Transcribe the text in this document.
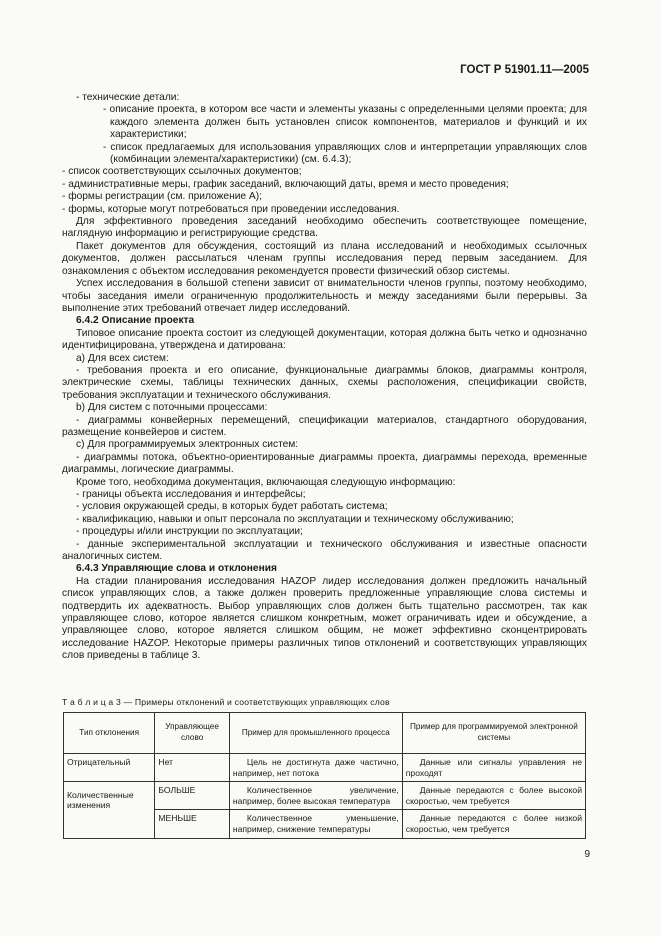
ГОСТ Р 51901.11—2005

- технические детали:

- описание проекта, в котором все части и элементы указаны с определенными целями проекта; для каждого элемента должен быть установлен список компонентов, материалов и функций и их характеристики;

- список предлагаемых для использования управляющих слов и интерпретации управляющих слов (комбинации элемента/характеристики) (см. 6.4.3);

- список соответствующих ссылочных документов;

- административные меры, график заседаний, включающий даты, время и место проведения;

- формы регистрации (см. приложение А);

- формы, которые могут потребоваться при проведении исследования.

Для эффективного проведения заседаний необходимо обеспечить соответствующее помещение, наглядную информацию и регистрирующие средства.

Пакет документов для обсуждения, состоящий из плана исследований и необходимых ссылочных документов, должен рассылаться членам группы исследования перед первым заседанием. Для ознакомления с объектом исследования рекомендуется провести физический обзор системы.

Успех исследования в большой степени зависит от внимательности членов группы, поэтому необходимо, чтобы заседания имели ограниченную продолжительность и между заседаниями были перерывы. За выполнение этих требований отвечает лидер исследований.

6.4.2 Описание проекта

Типовое описание проекта состоит из следующей документации, которая должна быть четко и однозначно идентифицирована, утверждена и датирована:

а) Для всех систем:

- требования проекта и его описание, функциональные диаграммы блоков, диаграммы контроля, электрические схемы, таблицы технических данных, схемы расположения, спецификации свойств, требования эксплуатации и технического обслуживания.

b) Для систем с поточными процессами:

- диаграммы конвейерных перемещений, спецификации материалов, стандартного оборудования, размещение конвейеров и систем.

с) Для программируемых электронных систем:

- диаграммы потока, объектно-ориентированные диаграммы проекта, диаграммы перехода, временные диаграммы, логические диаграммы.

Кроме того, необходима документация, включающая следующую информацию:

- границы объекта исследования и интерфейсы;

- условия окружающей среды, в которых будет работать система;

- квалификацию, навыки и опыт персонала по эксплуатации и техническому обслуживанию;

- процедуры и/или инструкции по эксплуатации;

- данные экспериментальной эксплуатации и технического обслуживания и известные опасности аналогичных систем.

6.4.3 Управляющие слова и отклонения

На стадии планирования исследования HAZOP лидер исследования должен предложить начальный список управляющих слов, а также должен проверить предложенные управляющие слова системы и подтвердить их адекватность. Выбор управляющих слов должен быть тщательно рассмотрен, так как управляющее слово, которое является слишком конкретным, может ограничивать идеи и обсуждение, а управляющее слово, которое является слишком общим, не может эффективно сконцентрировать исследование HAZOP. Некоторые примеры различных типов отклонений и соответствующих управляющих слов приведены в таблице 3.

Т а б л и ц а 3 — Примеры отклонений и соответствующих управляющих слов
Тип отклонения	Управляющее слово	Пример для промышленного процесса	Пример для программируемой электронной системы
Отрицательный	Нет	Цель не достигнута даже частично, например, нет потока	Данные или сигналы управления не проходят
Количественные изменения	БОЛЬШЕ	Количественное увеличение, например, более высокая температура	Данные передаются с более высокой скоростью, чем требуется
	МЕНЬШЕ	Количественное уменьшение, например, снижение температуры	Данные передаются с более низкой скоростью, чем требуется
9
